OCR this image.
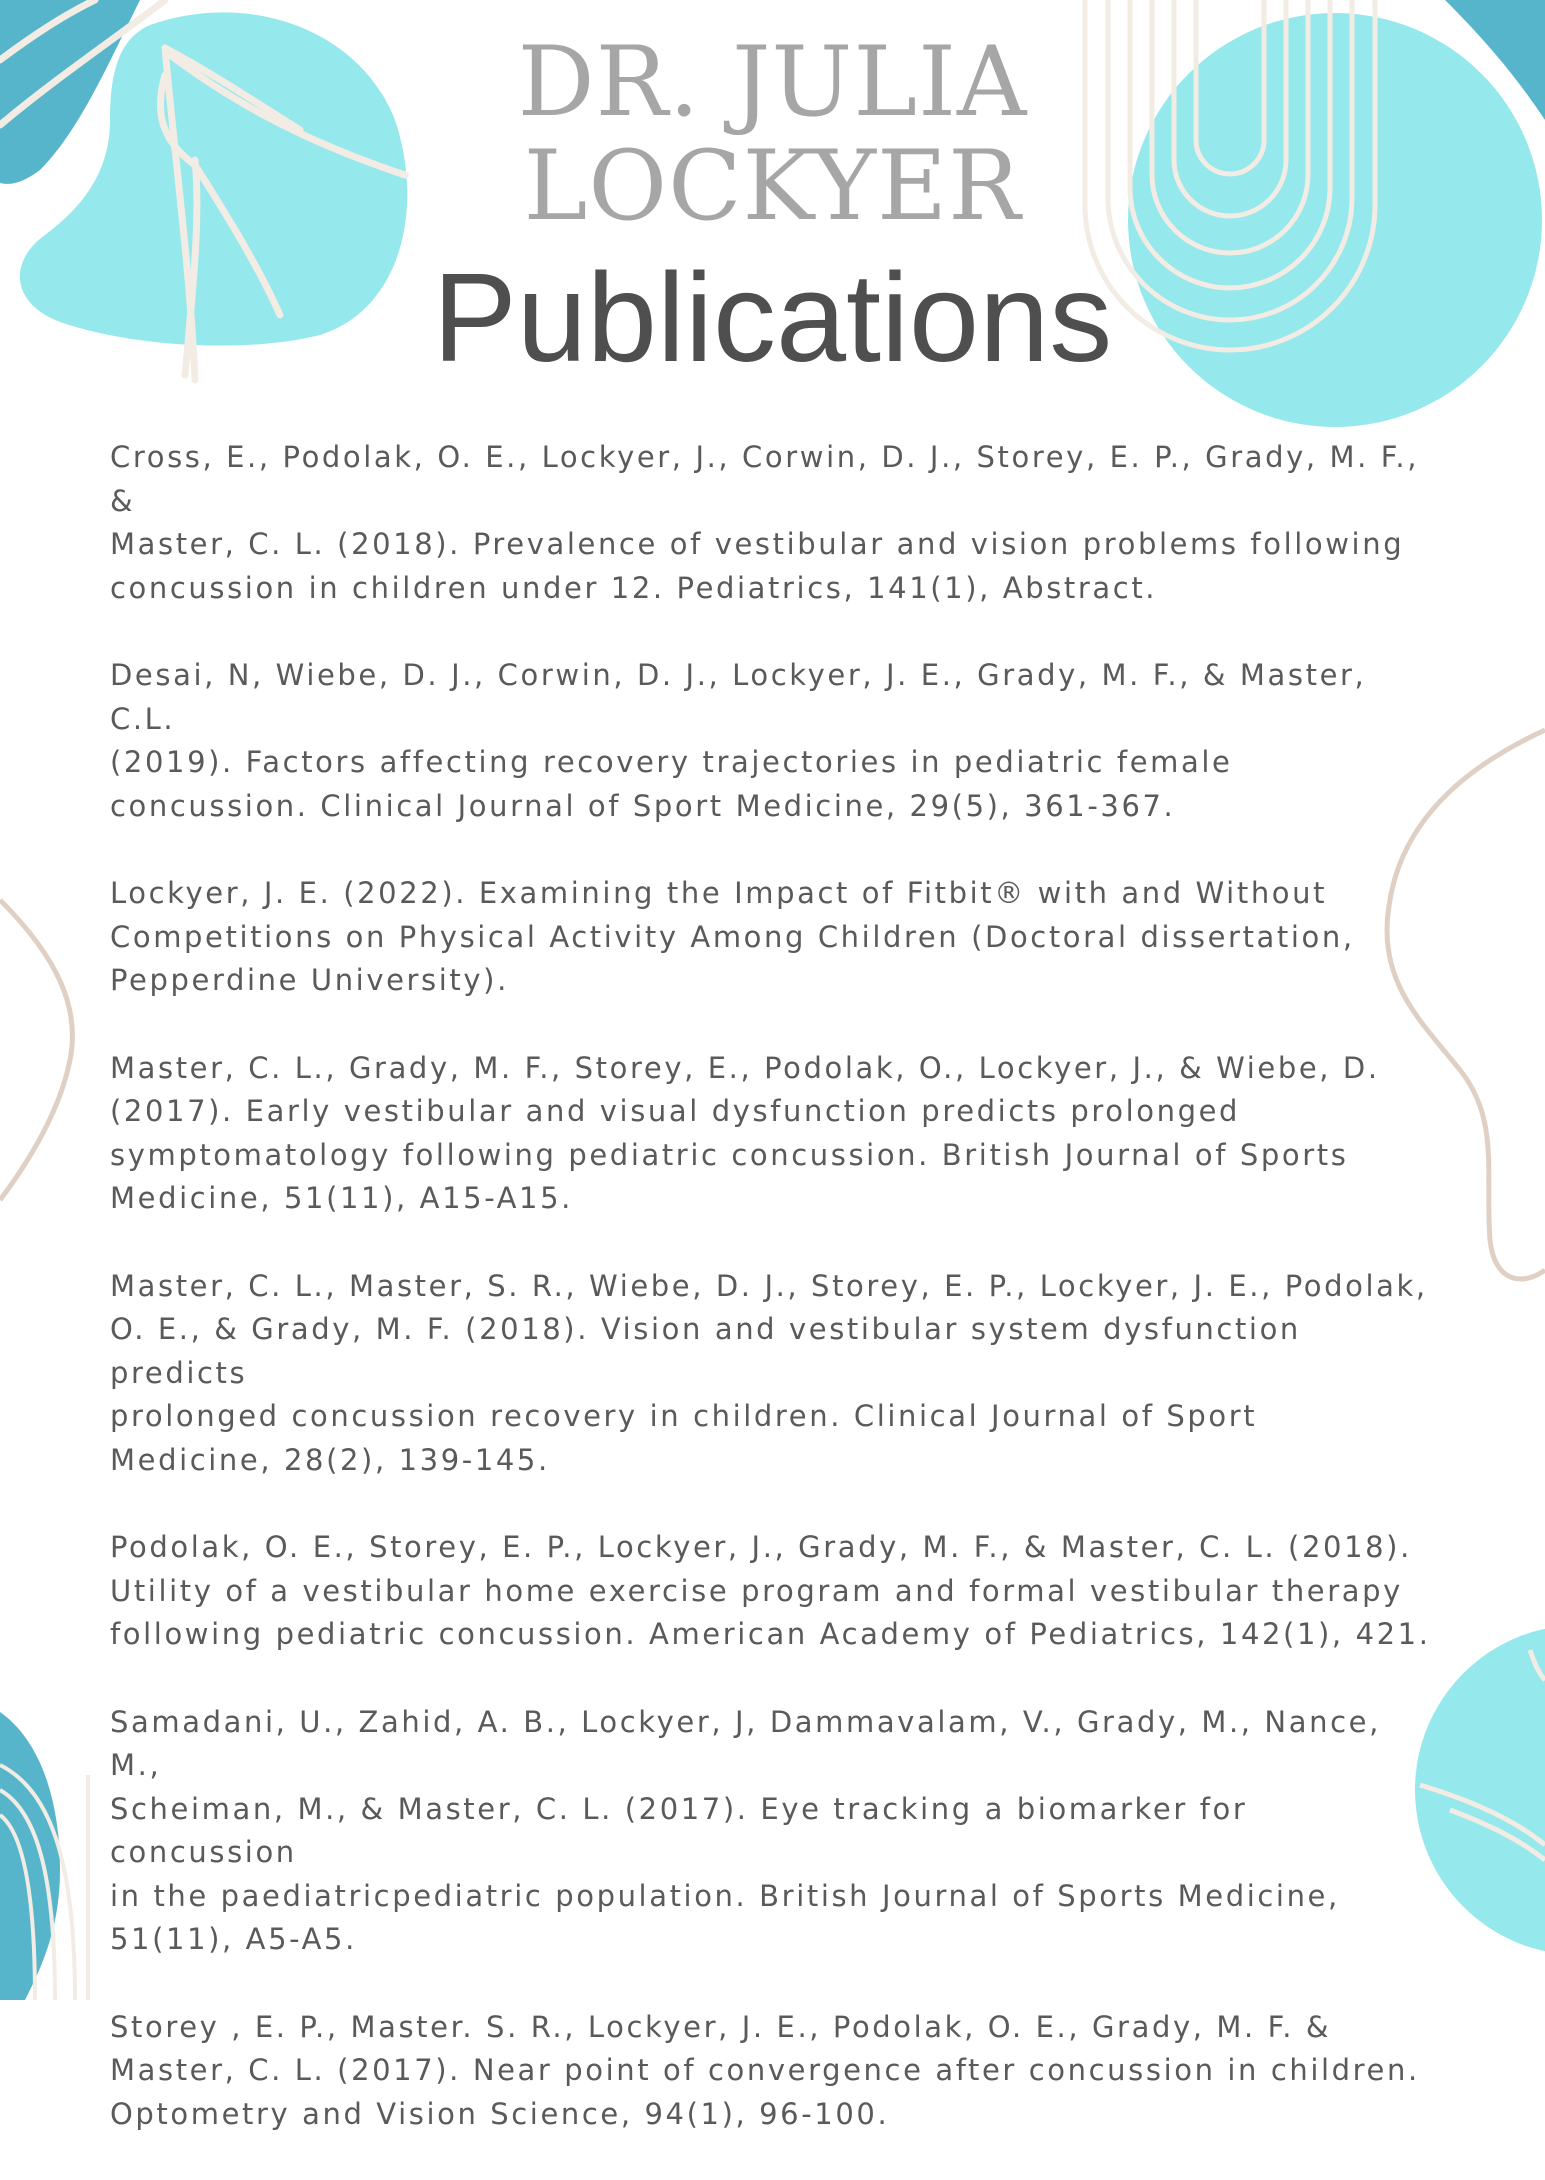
DR. JULIA
LOCKYER
Publications

Cross, E., Podolak, O. E., Lockyer, J., Corwin, D. J., Storey, E. P., Grady, M. F., &
Master, C. L. (2018). Prevalence of vestibular and vision problems following
concussion in children under 12. Pediatrics, 141(1), Abstract.

Desai, N, Wiebe, D. J., Corwin, D. J., Lockyer, J. E., Grady, M. F., & Master, C.L.
(2019). Factors affecting recovery trajectories in pediatric female
concussion. Clinical Journal of Sport Medicine, 29(5), 361-367.

Lockyer, J. E. (2022). Examining the Impact of Fitbit® with and Without
Competitions on Physical Activity Among Children (Doctoral dissertation,
Pepperdine University).

Master, C. L., Grady, M. F., Storey, E., Podolak, O., Lockyer, J., & Wiebe, D.
(2017). Early vestibular and visual dysfunction predicts prolonged
symptomatology following pediatric concussion. British Journal of Sports
Medicine, 51(11), A15-A15.

Master, C. L., Master, S. R., Wiebe, D. J., Storey, E. P., Lockyer, J. E., Podolak,
O. E., & Grady, M. F. (2018). Vision and vestibular system dysfunction predicts
prolonged concussion recovery in children. Clinical Journal of Sport
Medicine, 28(2), 139-145.

Podolak, O. E., Storey, E. P., Lockyer, J., Grady, M. F., & Master, C. L. (2018).
Utility of a vestibular home exercise program and formal vestibular therapy
following pediatric concussion. American Academy of Pediatrics, 142(1), 421.

Samadani, U., Zahid, A. B., Lockyer, J, Dammavalam, V., Grady, M., Nance, M.,
Scheiman, M., & Master, C. L. (2017). Eye tracking a biomarker for concussion
in the paediatricpediatric population. British Journal of Sports Medicine,
51(11), A5-A5.

Storey , E. P., Master. S. R., Lockyer, J. E., Podolak, O. E., Grady, M. F. &
Master, C. L. (2017). Near point of convergence after concussion in children.
Optometry and Vision Science, 94(1), 96-100.
